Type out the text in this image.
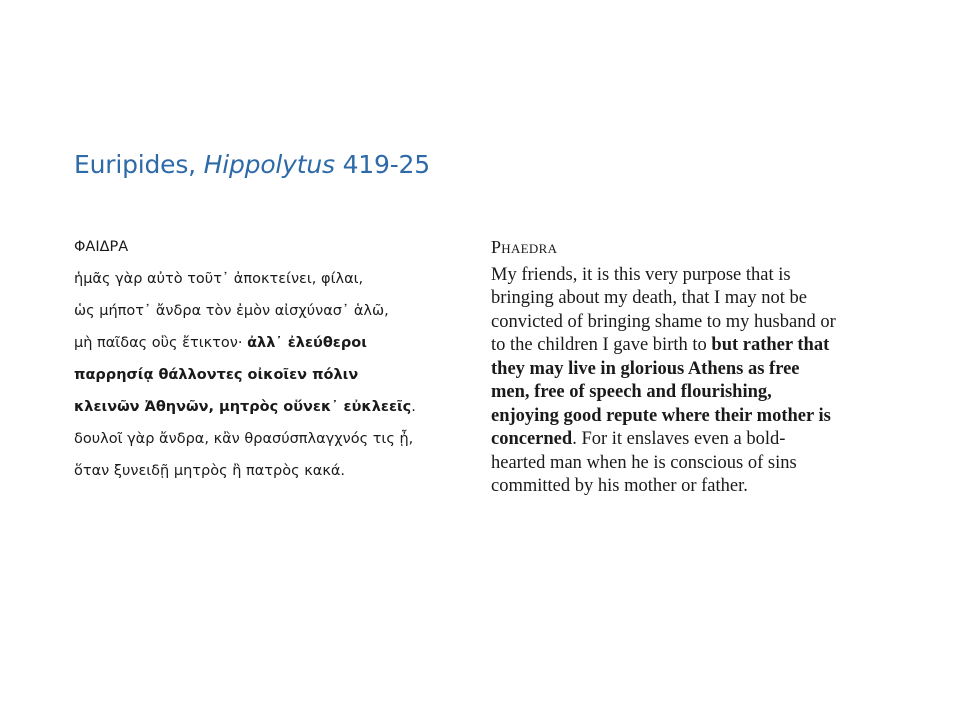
Euripides, Hippolytus 419-25
ΦΑΙΔΡΑ
ἡμᾶς γὰρ αὐτὸ τοῦτ᾽ ἀποκτείνει, φίλαι,
ὡς μήποτ᾽ ἄνδρα τὸν ἐμὸν αἰσχύνασ᾽ ἁλῶ,
μὴ παῖδας οὓς ἔτικτον· ἀλλ᾽ ἐλεύθεροι
παρρησίᾳ θάλλοντες οἰκοῖεν πόλιν
κλεινῶν Ἀθηνῶν, μητρὸς οὕνεκ᾽ εὐκλεεῖς.
δουλοῖ γὰρ ἄνδρα, κἂν θρασύσπλαγχνός τις ᾖ,
ὅταν ξυνειδῇ μητρὸς ἢ πατρὸς κακά.
Phaedra
My friends, it is this very purpose that is
bringing about my death, that I may not be
convicted of bringing shame to my husband or
to the children I gave birth to but rather that
they may live in glorious Athens as free
men, free of speech and flourishing,
enjoying good repute where their mother is
concerned. For it enslaves even a bold-
hearted man when he is conscious of sins
committed by his mother or father.
